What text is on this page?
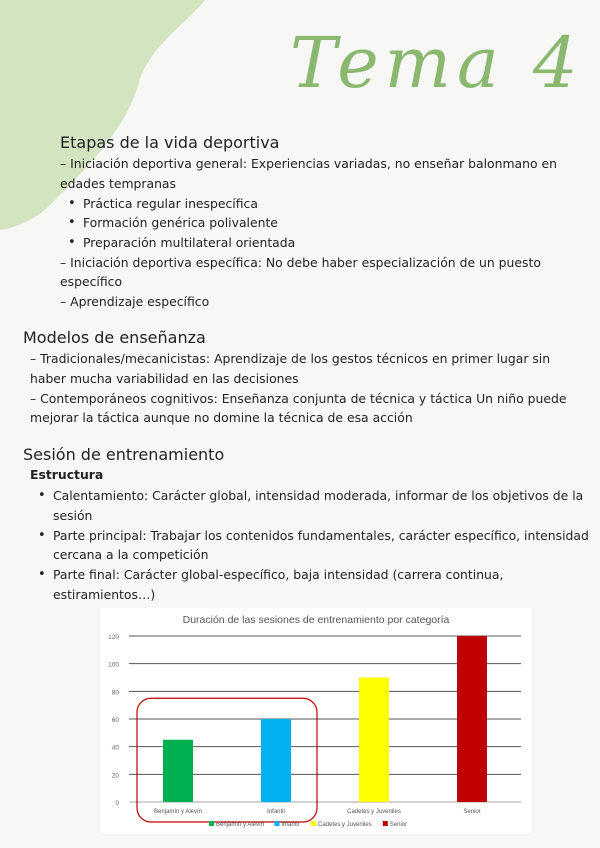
Tema 4
Etapas de la vida deportiva
– Iniciación deportiva general: Experiencias variadas, no enseñar balonmano en
edades tempranas
• Práctica regular inespecífica
• Formación genérica polivalente
• Preparación multilateral orientada
– Iniciación deportiva específica: No debe haber especialización de un puesto
específico
– Aprendizaje específico
Modelos de enseñanza
– Tradicionales/mecanicistas: Aprendizaje de los gestos técnicos en primer lugar sin
haber mucha variabilidad en las decisiones
– Contemporáneos cognitivos: Enseñanza conjunta de técnica y táctica Un niño puede
mejorar la táctica aunque no domine la técnica de esa acción
Sesión de entrenamiento
Estructura
• Calentamiento: Carácter global, intensidad moderada, informar de los objetivos de la
sesión
• Parte principal: Trabajar los contenidos fundamentales, carácter específico, intensidad
cercana a la competición
• Parte final: Carácter global-específico, baja intensidad (carrera continua,
estiramientos…)
Duración de las sesiones de entrenamiento por categoría
0
20
40
60
80
100
120
Benjamín y Alevín	Infantil	Cadetes y Juveniles	Senior
Benjamín y Alevín	Infantil	Cadetes y Juveniles	Senior
